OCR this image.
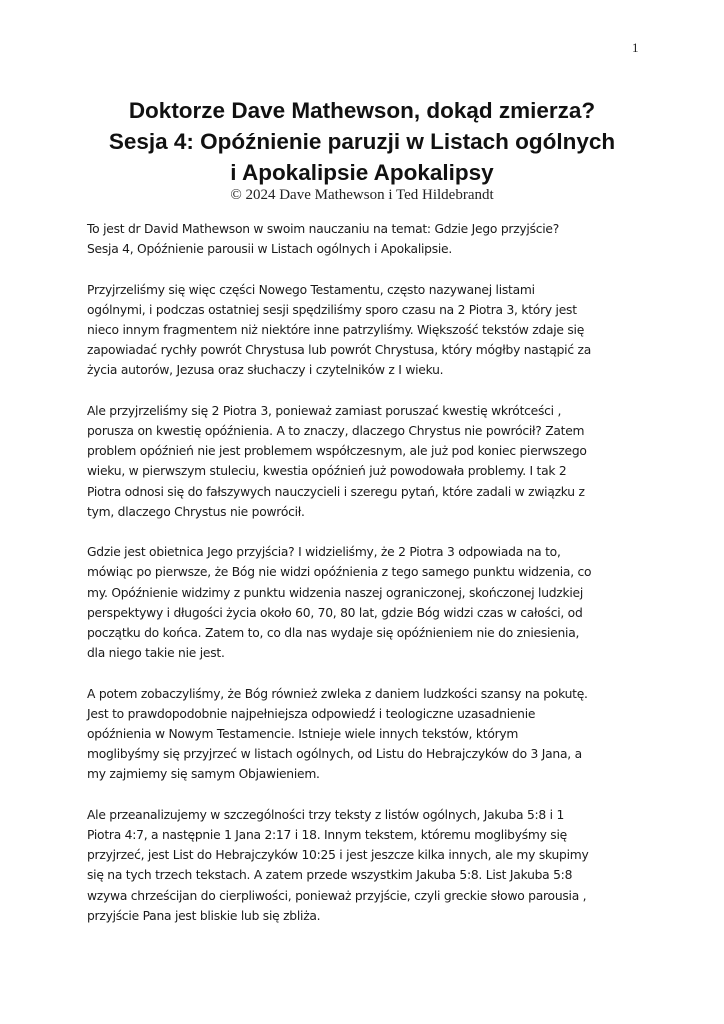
1
Doktorze Dave Mathewson, dokąd zmierza?
Sesja 4: Opóźnienie paruzji w Listach ogólnych
i Apokalipsie Apokalipsy
© 2024 Dave Mathewson i Ted Hildebrandt

To jest dr David Mathewson w swoim nauczaniu na temat: Gdzie Jego przyjście?
Sesja 4, Opóźnienie parousii w Listach ogólnych i Apokalipsie.

Przyjrzeliśmy się więc części Nowego Testamentu, często nazywanej listami
ogólnymi, i podczas ostatniej sesji spędziliśmy sporo czasu na 2 Piotra 3, który jest
nieco innym fragmentem niż niektóre inne patrzyliśmy. Większość tekstów zdaje się
zapowiadać rychły powrót Chrystusa lub powrót Chrystusa, który mógłby nastąpić za
życia autorów, Jezusa oraz słuchaczy i czytelników z I wieku.

Ale przyjrzeliśmy się 2 Piotra 3, ponieważ zamiast poruszać kwestię wkrótceści ,
porusza on kwestię opóźnienia. A to znaczy, dlaczego Chrystus nie powrócił? Zatem
problem opóźnień nie jest problemem współczesnym, ale już pod koniec pierwszego
wieku, w pierwszym stuleciu, kwestia opóźnień już powodowała problemy. I tak 2
Piotra odnosi się do fałszywych nauczycieli i szeregu pytań, które zadali w związku z
tym, dlaczego Chrystus nie powrócił.

Gdzie jest obietnica Jego przyjścia? I widzieliśmy, że 2 Piotra 3 odpowiada na to,
mówiąc po pierwsze, że Bóg nie widzi opóźnienia z tego samego punktu widzenia, co
my. Opóźnienie widzimy z punktu widzenia naszej ograniczonej, skończonej ludzkiej
perspektywy i długości życia około 60, 70, 80 lat, gdzie Bóg widzi czas w całości, od
początku do końca. Zatem to, co dla nas wydaje się opóźnieniem nie do zniesienia,
dla niego takie nie jest.

A potem zobaczyliśmy, że Bóg również zwleka z daniem ludzkości szansy na pokutę.
Jest to prawdopodobnie najpełniejsza odpowiedź i teologiczne uzasadnienie
opóźnienia w Nowym Testamencie. Istnieje wiele innych tekstów, którym
moglibyśmy się przyjrzeć w listach ogólnych, od Listu do Hebrajczyków do 3 Jana, a
my zajmiemy się samym Objawieniem.

Ale przeanalizujemy w szczególności trzy teksty z listów ogólnych, Jakuba 5:8 i 1
Piotra 4:7, a następnie 1 Jana 2:17 i 18. Innym tekstem, któremu moglibyśmy się
przyjrzeć, jest List do Hebrajczyków 10:25 i jest jeszcze kilka innych, ale my skupimy
się na tych trzech tekstach. A zatem przede wszystkim Jakuba 5:8. List Jakuba 5:8
wzywa chrześcijan do cierpliwości, ponieważ przyjście, czyli greckie słowo parousia ,
przyjście Pana jest bliskie lub się zbliża.
